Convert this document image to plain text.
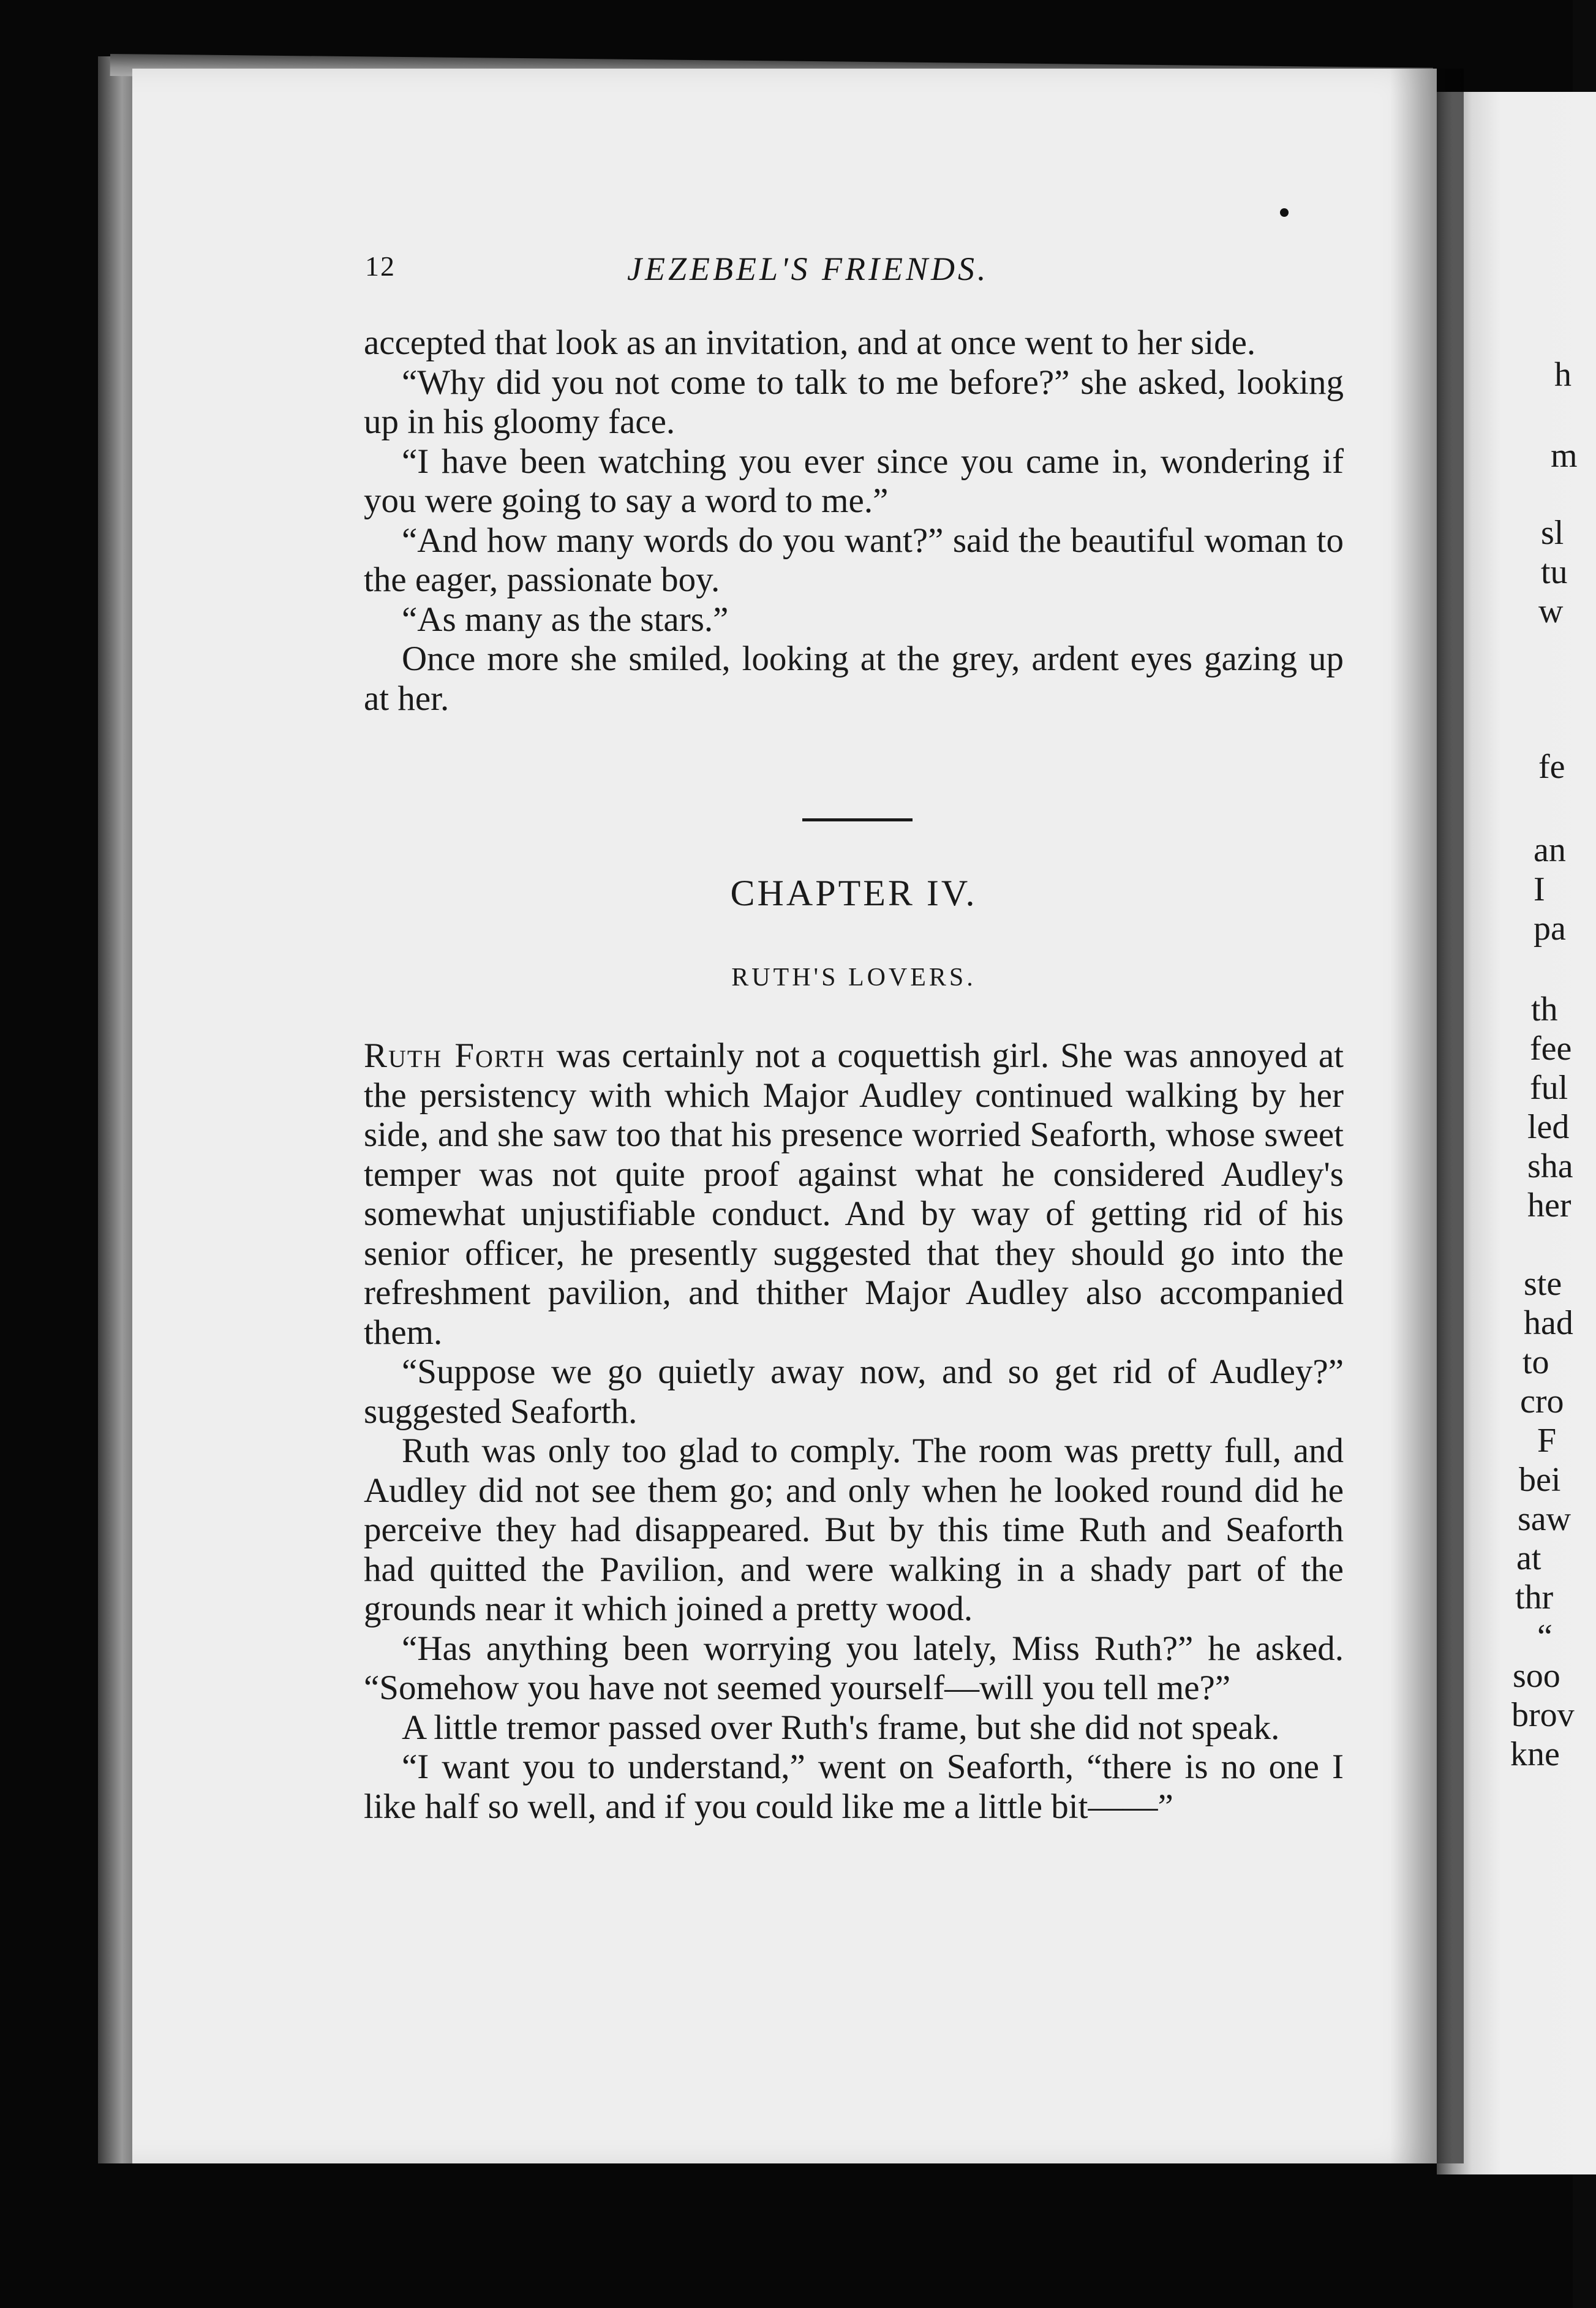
12	JEZEBEL'S FRIENDS.

accepted that look as an invitation, and at once went to her side.

“Why did you not come to talk to me before?” she asked, looking up in his gloomy face.

“I have been watching you ever since you came in, wondering if you were going to say a word to me.”

“And how many words do you want?” said the beautiful woman to the eager, passionate boy.

“As many as the stars.”

Once more she smiled, looking at the grey, ardent eyes gazing up at her.

CHAPTER IV.
RUTH'S LOVERS.

Ruth Forth was certainly not a coquettish girl. She was annoyed at the persistency with which Major Audley continued walking by her side, and she saw too that his presence worried Seaforth, whose sweet temper was not quite proof against what he considered Audley's somewhat unjustifiable conduct. And by way of getting rid of his senior officer, he presently suggested that they should go into the refreshment pavilion, and thither Major Audley also accompanied them.

“Suppose we go quietly away now, and so get rid of Audley?” suggested Seaforth.

Ruth was only too glad to comply. The room was pretty full, and Audley did not see them go; and only when he looked round did he perceive they had disappeared. But by this time Ruth and Seaforth had quitted the Pavilion, and were walking in a shady part of the grounds near it which joined a pretty wood.

“Has anything been worrying you lately, Miss Ruth?” he asked. “Somehow you have not seemed yourself—will you tell me?”

A little tremor passed over Ruth's frame, but she did not speak.

“I want you to understand,” went on Seaforth, “there is no one I like half so well, and if you could like me a little bit——”

h
m
sl
tu
w
fe
an
I
pa
th
fee
ful
led
sha
her
ste
had
to
cro
F
bei
saw
at
thr
“
soo
brov
kne
